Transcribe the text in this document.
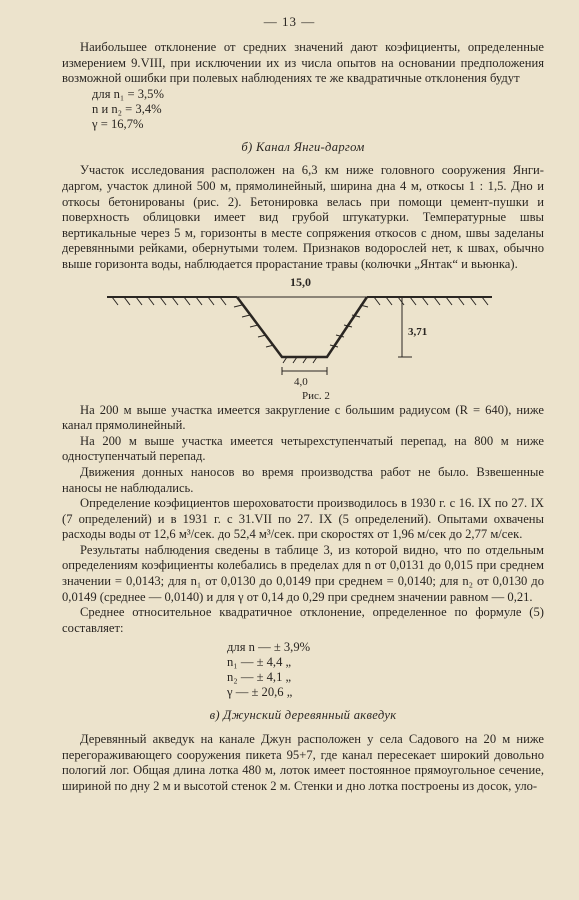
— 13 —

Наибольшее отклонение от средних значений дают коэфициенты, определенные измерением 9.VIII, при исключении их из числа опытов на основании предположения возможной ошибки при полевых наблюдениях те же квадратичные отклонения будут

для n₁ = 3,5%
n и n₂ = 3,4%
γ = 16,7%
б) Канал Янги-даргом

Участок исследования расположен на 6,3 км ниже головного сооружения Янги-даргом, участок длиной 500 м, прямолинейный, ширина дна 4 м, откосы 1 : 1,5. Дно и откосы бетонированы (рис. 2). Бетонировка велась при помощи цемент-пушки и поверхность облицовки имеет вид грубой штукатурки. Температурные швы вертикальные через 5 м, горизонты в месте сопряжения откосов с дном, швы заделаны деревянными рейками, обернутыми толем. Признаков водорослей нет, к швах, обычно выше горизонта воды, наблюдается прорастание травы (колючки „Янтак“ и вьюнка).

15,0
3,71
4,0
Рис. 2

На 200 м выше участка имеется закругление с большим радиусом (R = 640), ниже канал прямолинейный.

На 200 м выше участка имеется четырехступенчатый перепад, на 800 м ниже одноступенчатый перепад.

Движения донных наносов во время производства работ не было. Взвешенные наносы не наблюдались.

Определение коэфициентов шероховатости производилось в 1930 г. с 16. IX по 27. IX (7 определений) и в 1931 г. с 31.VII по 27. IX (5 определений). Опытами охвачены расходы воды от 12,6 м³/сек. до 52,4 м³/сек. при скоростях от 1,96 м/сек до 2,77 м/сек.

Результаты наблюдения сведены в таблице 3, из которой видно, что по отдельным определениям коэфициенты колебались в пределах для n от 0,0131 до 0,015 при среднем значении = 0,0143; для n₁ от 0,0130 до 0,0149 при среднем = 0,0140; для n₂ от 0,0130 до 0,0149 (среднее — 0,0140) и для γ от 0,14 до 0,29 при среднем значении равном — 0,21.

Среднее относительное квадратичное отклонение, определенное по формуле (5) составляет:

для n — ± 3,9%
n₁ — ± 4,4 „
n₂ — ± 4,1 „
γ — ± 20,6 „
в) Джунский деревянный акведук

Деревянный акведук на канале Джун расположен у села Садового на 20 м ниже перегораживающего сооружения пикета 95+7, где канал пересекает широкий довольно пологий лог. Общая длина лотка 480 м, лоток имеет постоянное прямоугольное сечение, шириной по дну 2 м и высотой стенок 2 м. Стенки и дно лотка построены из досок, уло-
